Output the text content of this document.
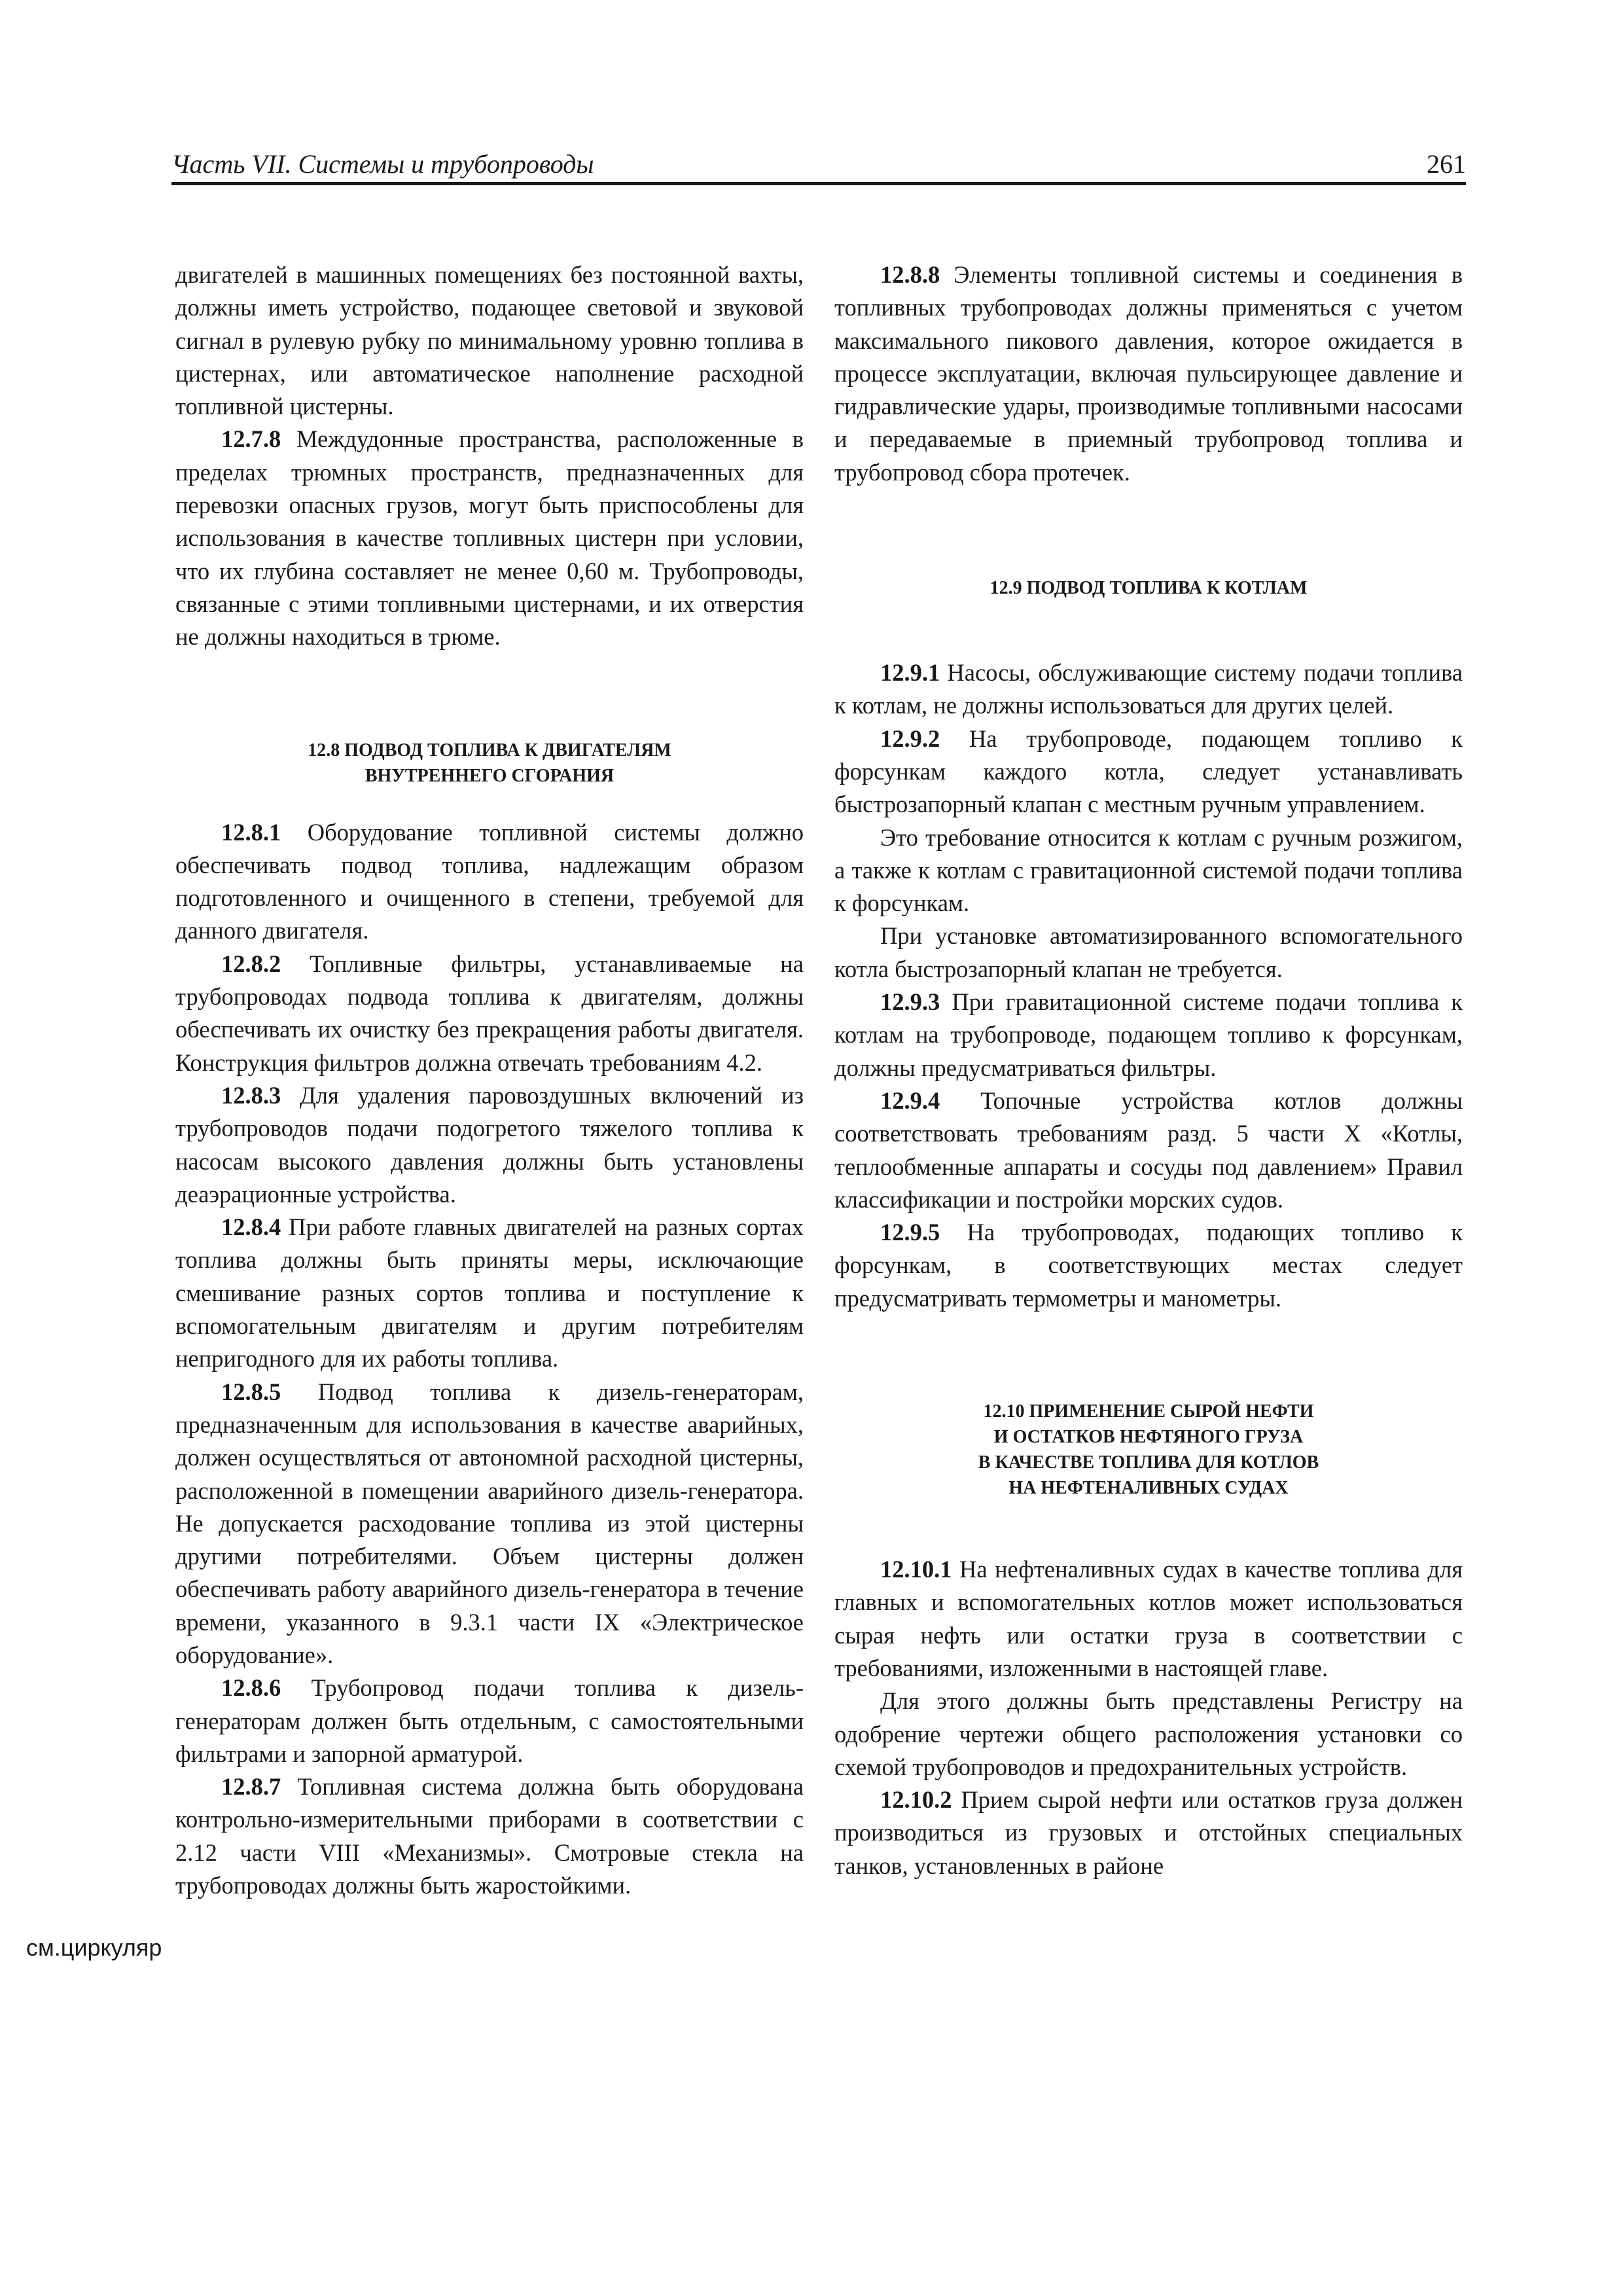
Часть VII. Системы и трубопроводы	261
см.циркуляр

двигателей в машинных помещениях без постоянной вахты, должны иметь устройство, подающее световой и звуковой сигнал в рулевую рубку по минимальному уровню топлива в цистернах, или автоматическое наполнение расходной топливной цистерны.

12.7.8 Междудонные пространства, расположенные в пределах трюмных пространств, предназначенных для перевозки опасных грузов, могут быть приспособлены для использования в качестве топливных цистерн при условии, что их глубина составляет не менее 0,60 м. Трубопроводы, связанные с этими топливными цистернами, и их отверстия не должны находиться в трюме.

12.8 ПОДВОД ТОПЛИВА К ДВИГАТЕЛЯМ
ВНУТРЕННЕГО СГОРАНИЯ

12.8.1 Оборудование топливной системы должно обеспечивать подвод топлива, надлежащим образом подготовленного и очищенного в степени, требуемой для данного двигателя.

12.8.2 Топливные фильтры, устанавливаемые на трубопроводах подвода топлива к двигателям, должны обеспечивать их очистку без прекращения работы двигателя. Конструкция фильтров должна отвечать требованиям 4.2.

12.8.3 Для удаления паровоздушных включений из трубопроводов подачи подогретого тяжелого топлива к насосам высокого давления должны быть установлены деаэрационные устройства.

12.8.4 При работе главных двигателей на разных сортах топлива должны быть приняты меры, исключающие смешивание разных сортов топлива и поступление к вспомогательным двигателям и другим потребителям непригодного для их работы топлива.

12.8.5 Подвод топлива к дизель-генераторам, предназначенным для использования в качестве аварийных, должен осуществляться от автономной расходной цистерны, расположенной в помещении аварийного дизель-генератора. Не допускается расходование топлива из этой цистерны другими потребителями. Объем цистерны должен обеспечивать работу аварийного дизель-генератора в течение времени, указанного в 9.3.1 части IX «Электрическое оборудование».

12.8.6 Трубопровод подачи топлива к дизель-генераторам должен быть отдельным, с самостоятельными фильтрами и запорной арматурой.

12.8.7 Топливная система должна быть оборудована контрольно-измерительными приборами в соответствии с 2.12 части VIII «Механизмы». Смотровые стекла на трубопроводах должны быть жаростойкими.

12.8.8 Элементы топливной системы и соединения в топливных трубопроводах должны применяться с учетом максимального пикового давления, которое ожидается в процессе эксплуатации, включая пульсирующее давление и гидравлические удары, производимые топливными насосами и передаваемые в приемный трубопровод топлива и трубопровод сбора протечек.

12.9 ПОДВОД ТОПЛИВА К КОТЛАМ

12.9.1 Насосы, обслуживающие систему подачи топлива к котлам, не должны использоваться для других целей.

12.9.2 На трубопроводе, подающем топливо к форсункам каждого котла, следует устанавливать быстрозапорный клапан с местным ручным управлением.

Это требование относится к котлам с ручным розжигом, а также к котлам с гравитационной системой подачи топлива к форсункам.

При установке автоматизированного вспомогательного котла быстрозапорный клапан не требуется.

12.9.3 При гравитационной системе подачи топлива к котлам на трубопроводе, подающем топливо к форсункам, должны предусматриваться фильтры.

12.9.4 Топочные устройства котлов должны соответствовать требованиям разд. 5 части X «Котлы, теплообменные аппараты и сосуды под давлением» Правил классификации и постройки морских судов.

12.9.5 На трубопроводах, подающих топливо к форсункам, в соответствующих местах следует предусматривать термометры и манометры.

12.10 ПРИМЕНЕНИЕ СЫРОЙ НЕФТИ
И ОСТАТКОВ НЕФТЯНОГО ГРУЗА
В КАЧЕСТВЕ ТОПЛИВА ДЛЯ КОТЛОВ
НА НЕФТЕНАЛИВНЫХ СУДАХ

12.10.1 На нефтеналивных судах в качестве топлива для главных и вспомогательных котлов может использоваться сырая нефть или остатки груза в соответствии с требованиями, изложенными в настоящей главе.

Для этого должны быть представлены Регистру на одобрение чертежи общего расположения установки со схемой трубопроводов и предохранительных устройств.

12.10.2 Прием сырой нефти или остатков груза должен производиться из грузовых и отстойных специальных танков, установленных в районе
